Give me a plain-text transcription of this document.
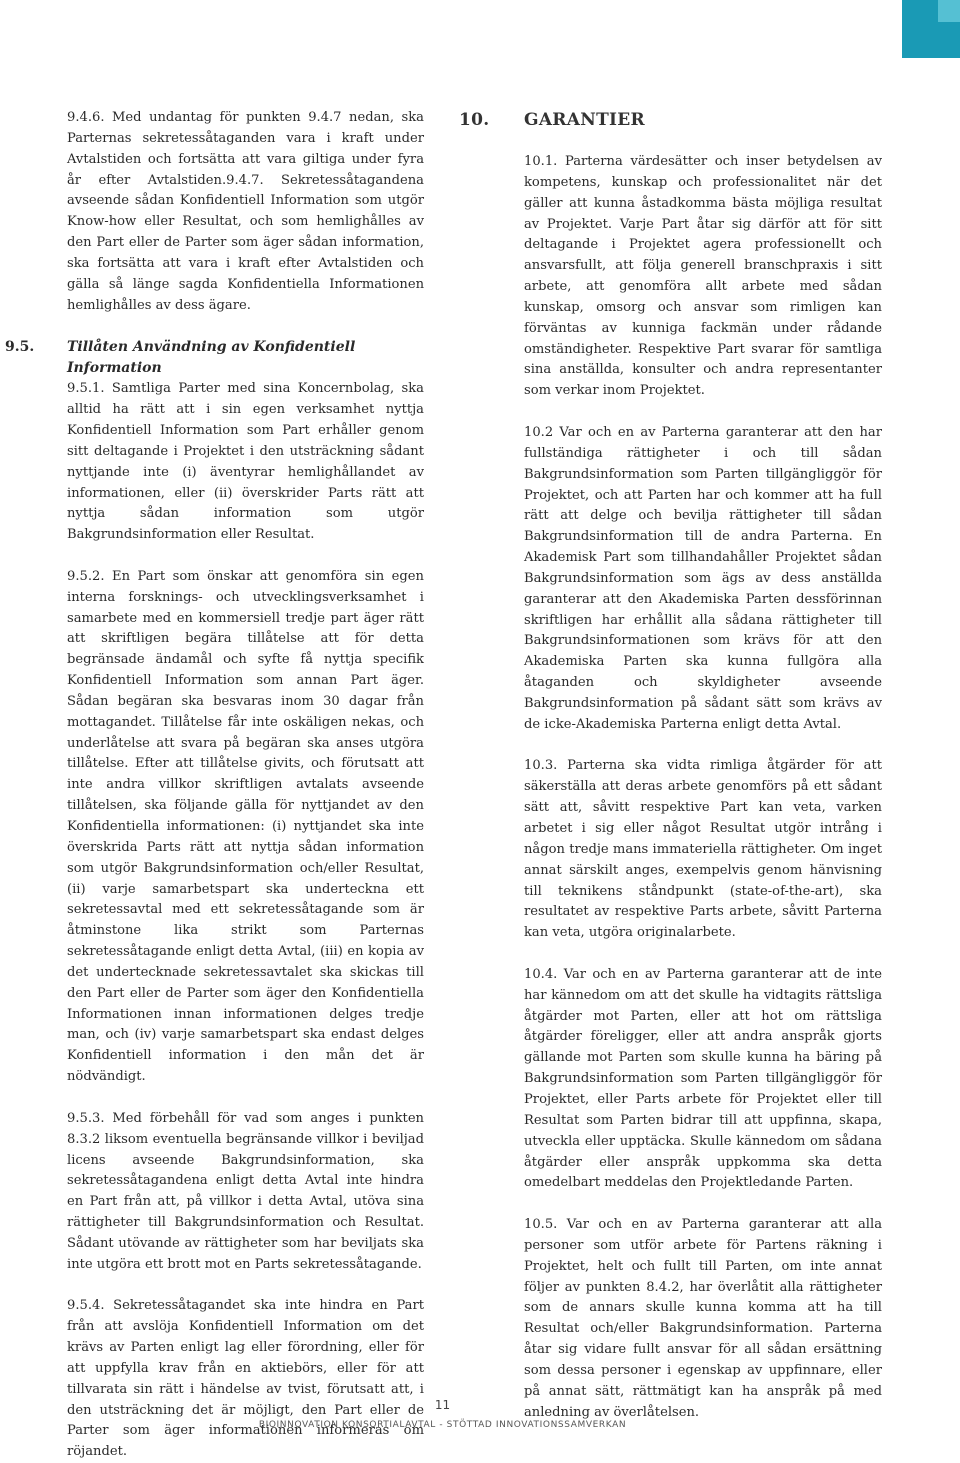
9.4.6. Med undantag för punkten 9.4.7 nedan, ska Parternas sekretessåtaganden vara i kraft under Avtalstiden och fortsätta att vara giltiga under fyra år efter Avtalstiden.9.4.7. Sekretessåtagandena avseende sådan Konfidentiell Information som utgör Know-how eller Resultat, och som hemlighålles av den Part eller de Parter som äger sådan information, ska fortsätta att vara i kraft efter Avtalstiden och gälla så länge sagda Konfidentiella Informationen hemlighålles av dess ägare.

9.5. Tillåten Användning av Konfidentiell Information

9.5.1. Samtliga Parter med sina Koncernbolag, ska alltid ha rätt att i sin egen verksamhet nyttja Konfidentiell Information som Part erhåller genom sitt deltagande i Projektet i den utsträckning sådant nyttjande inte (i) äventyrar hemlighållandet av informationen, eller (ii) överskrider Parts rätt att nyttja sådan information som utgör Bakgrundsinformation eller Resultat.

9.5.2. En Part som önskar att genomföra sin egen interna forsknings- och utvecklingsverksamhet i samarbete med en kommersiell tredje part äger rätt att skriftligen begära tillåtelse att för detta begränsade ändamål och syfte få nyttja specifik Konfidentiell Information som annan Part äger. Sådan begäran ska besvaras inom 30 dagar från mottagandet. Tillåtelse får inte oskäligen nekas, och underlåtelse att svara på begäran ska anses utgöra tillåtelse. Efter att tillåtelse givits, och förutsatt att inte andra villkor skriftligen avtalats avseende tillåtelsen, ska följande gälla för nyttjandet av den Konfidentiella informationen: (i) nyttjandet ska inte överskrida Parts rätt att nyttja sådan information som utgör Bakgrundsinformation och/eller Resultat, (ii) varje samarbetspart ska underteckna ett sekretessavtal med ett sekretessåtagande som är åtminstone lika strikt som Parternas sekretessåtagande enligt detta Avtal, (iii) en kopia av det undertecknade sekretessavtalet ska skickas till den Part eller de Parter som äger den Konfidentiella Informationen innan informationen delges tredje man, och (iv) varje samarbetspart ska endast delges Konfidentiell information i den mån det är nödvändigt.

9.5.3. Med förbehåll för vad som anges i punkten 8.3.2 liksom eventuella begränsande villkor i beviljad licens avseende Bakgrundsinformation, ska sekretessåtagandena enligt detta Avtal inte hindra en Part från att, på villkor i detta Avtal, utöva sina rättigheter till Bakgrundsinformation och Resultat. Sådant utövande av rättigheter som har beviljats ska inte utgöra ett brott mot en Parts sekretessåtagande.

9.5.4. Sekretessåtagandet ska inte hindra en Part från att avslöja Konfidentiell Information om det krävs av Parten enligt lag eller förordning, eller för att uppfylla krav från en aktiebörs, eller för att tillvarata sin rätt i händelse av tvist, förutsatt att, i den utsträckning det är möjligt, den Part eller de Parter som äger informationen informeras om röjandet.

10. GARANTIER

10.1. Parterna värdesätter och inser betydelsen av kompetens, kunskap och professionalitet när det gäller att kunna åstadkomma bästa möjliga resultat av Projektet. Varje Part åtar sig därför att för sitt deltagande i Projektet agera professionellt och ansvarsfullt, att följa generell branschpraxis i sitt arbete, att genomföra allt arbete med sådan kunskap, omsorg och ansvar som rimligen kan förväntas av kunniga fackmän under rådande omständigheter. Respektive Part svarar för samtliga sina anställda, konsulter och andra representanter som verkar inom Projektet.

10.2 Var och en av Parterna garanterar att den har fullständiga rättigheter i och till sådan Bakgrundsinformation som Parten tillgängliggör för Projektet, och att Parten har och kommer att ha full rätt att delge och bevilja rättigheter till sådan Bakgrundsinformation till de andra Parterna. En Akademisk Part som tillhandahåller Projektet sådan Bakgrundsinformation som ägs av dess anställda garanterar att den Akademiska Parten dessförinnan skriftligen har erhållit alla sådana rättigheter till Bakgrundsinformationen som krävs för att den Akademiska Parten ska kunna fullgöra alla åtaganden och skyldigheter avseende Bakgrundsinformation på sådant sätt som krävs av de icke-Akademiska Parterna enligt detta Avtal.

10.3. Parterna ska vidta rimliga åtgärder för att säkerställa att deras arbete genomförs på ett sådant sätt att, såvitt respektive Part kan veta, varken arbetet i sig eller något Resultat utgör intrång i någon tredje mans immateriella rättigheter. Om inget annat särskilt anges, exempelvis genom hänvisning till teknikens ståndpunkt (state-of-the-art), ska resultatet av respektive Parts arbete, såvitt Parterna kan veta, utgöra originalarbete.

10.4. Var och en av Parterna garanterar att de inte har kännedom om att det skulle ha vidtagits rättsliga åtgärder mot Parten, eller att hot om rättsliga åtgärder föreligger, eller att andra anspråk gjorts gällande mot Parten som skulle kunna ha bäring på Bakgrundsinformation som Parten tillgängliggör för Projektet, eller Parts arbete för Projektet eller till Resultat som Parten bidrar till att uppfinna, skapa, utveckla eller upptäcka. Skulle kännedom om sådana åtgärder eller anspråk uppkomma ska detta omedelbart meddelas den Projektledande Parten.

10.5. Var och en av Parterna garanterar att alla personer som utför arbete för Partens räkning i Projektet, helt och fullt till Parten, om inte annat följer av punkten 8.4.2, har överlåtit alla rättigheter som de annars skulle kunna komma att ha till Resultat och/eller Bakgrundsinformation. Parterna åtar sig vidare fullt ansvar för all sådan ersättning som dessa personer i egenskap av uppfinnare, eller på annat sätt, rättmätigt kan ha anspråk på med anledning av överlåtelsen.

11
BIOINNOVATION KONSORTIALAVTAL - STÖTTAD INNOVATIONSSAMVERKAN
